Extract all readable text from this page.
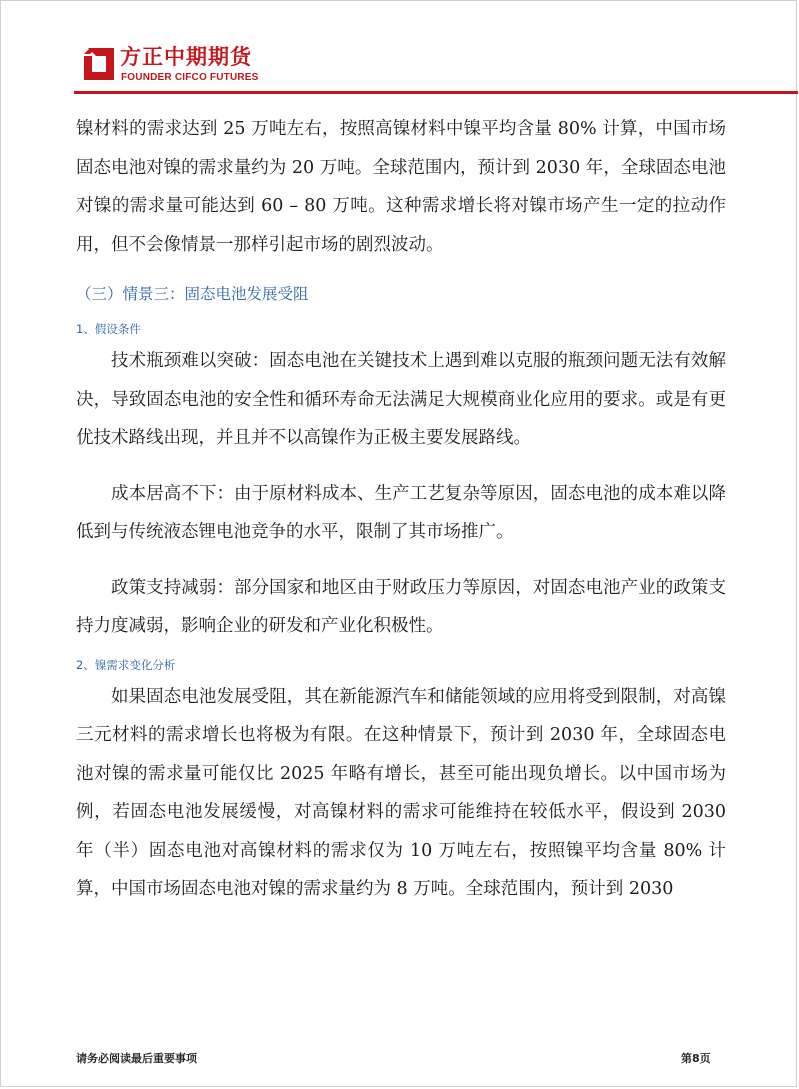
方正中期期货
FOUNDER CIFCO FUTURES

镍材料的需求达到 25 万吨左右，按照高镍材料中镍平均含量 80% 计算，中国市场固态电池对镍的需求量约为 20 万吨。全球范围内，预计到 2030 年，全球固态电池对镍的需求量可能达到 60 – 80 万吨。这种需求增长将对镍市场产生一定的拉动作用，但不会像情景一那样引起市场的剧烈波动。

（三）情景三：固态电池发展受阻

1、假设条件

技术瓶颈难以突破：固态电池在关键技术上遇到难以克服的瓶颈问题无法有效解决，导致固态电池的安全性和循环寿命无法满足大规模商业化应用的要求。或是有更优技术路线出现，并且并不以高镍作为正极主要发展路线。

成本居高不下：由于原材料成本、生产工艺复杂等原因，固态电池的成本难以降低到与传统液态锂电池竞争的水平，限制了其市场推广。

政策支持减弱：部分国家和地区由于财政压力等原因，对固态电池产业的政策支持力度减弱，影响企业的研发和产业化积极性。

2、镍需求变化分析

如果固态电池发展受阻，其在新能源汽车和储能领域的应用将受到限制，对高镍三元材料的需求增长也将极为有限。在这种情景下，预计到 2030 年，全球固态电池对镍的需求量可能仅比 2025 年略有增长，甚至可能出现负增长。以中国市场为例，若固态电池发展缓慢，对高镍材料的需求可能维持在较低水平，假设到 2030 年（半）固态电池对高镍材料的需求仅为 10 万吨左右，按照镍平均含量 80% 计算，中国市场固态电池对镍的需求量约为 8 万吨。全球范围内，预计到 2030

请务必阅读最后重要事项	第8页
